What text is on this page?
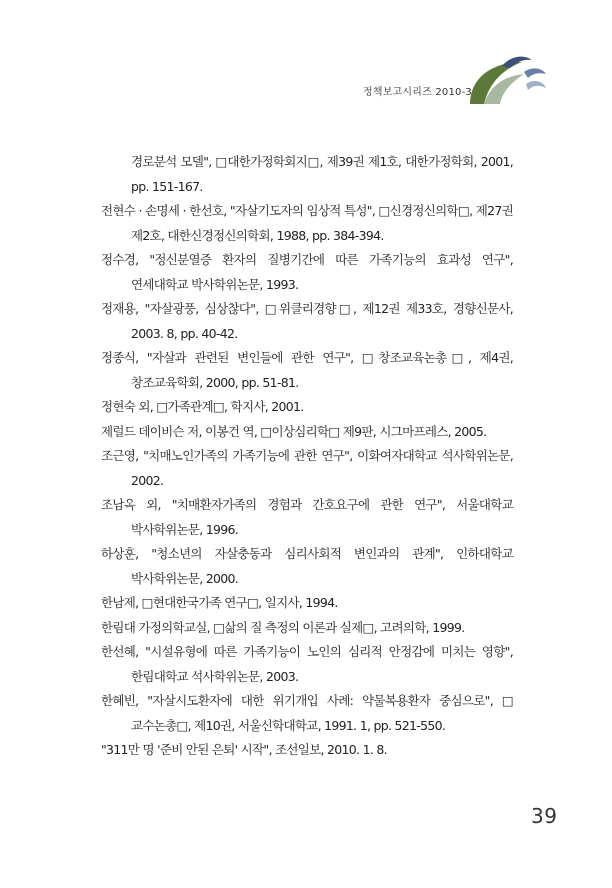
정책보고시리즈 2010-3

경로분석 모델", □대한가정학회지□, 제39권 제1호, 대한가정학회, 2001, pp. 151-167.

전현수 · 손명세 · 한선호, "자살기도자의 임상적 특성", □신경정신의학□, 제27권 제2호, 대한신경정신의학회, 1988, pp. 384-394.

정수경, "정신분열증 환자의 질병기간에 따른 가족기능의 효과성 연구", 연세대학교 박사학위논문, 1993.

정재용, "자살광풍, 심상찮다", □위클리경향□, 제12권 제33호, 경향신문사, 2003. 8, pp. 40-42.

정종식, "자살과 관련된 변인들에 관한 연구", □창조교육논총□, 제4권, 창조교육학회, 2000, pp. 51-81.

정현숙 외, □가족관계□, 학지사, 2001.

제럴드 데이비슨 저, 이봉건 역, □이상심리학□ 제9판, 시그마프레스, 2005.

조근영, "치매노인가족의 가족기능에 관한 연구", 이화여자대학교 석사학위논문, 2002.

조남옥 외, "치매환자가족의 경험과 간호요구에 관한 연구", 서울대학교 박사학위논문, 1996.

하상훈, "청소년의 자살충동과 심리사회적 변인과의 관계", 인하대학교 박사학위논문, 2000.

한남제, □현대한국가족 연구□, 일지사, 1994.

한림대 가정의학교실, □삶의 질 측정의 이론과 실제□, 고려의학, 1999.

한선혜, "시설유형에 따른 가족기능이 노인의 심리적 안정감에 미치는 영향", 한림대학교 석사학위논문, 2003.

한혜빈, "자살시도환자에 대한 위기개입 사례: 약물복용환자 중심으로", □교수논총□, 제10권, 서울신학대학교, 1991. 1, pp. 521-550.

"311만 명 '준비 안된 은퇴' 시작", 조선일보, 2010. 1. 8.

39
